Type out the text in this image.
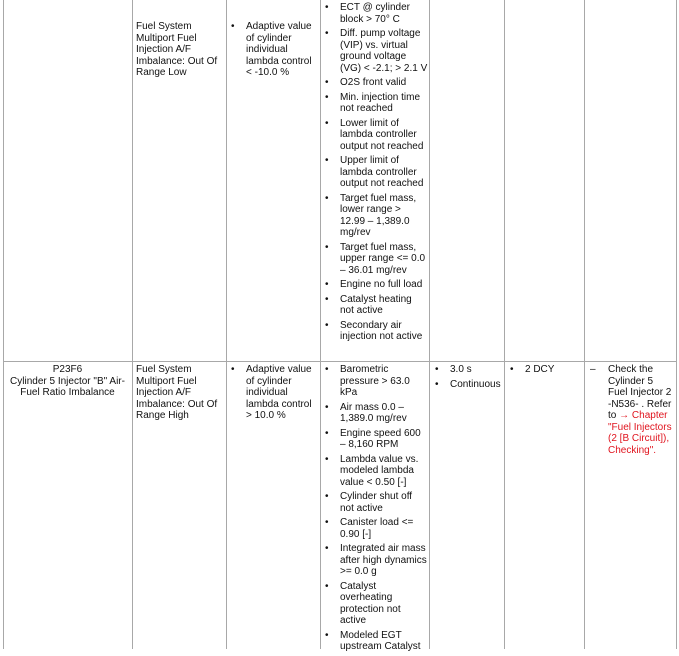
Fuel System Multiport Fuel Injection A/F Imbalance: Out Of Range Low
• Adaptive value of cylinder individual lambda control < -10.0 %
• ECT @ cylinder block > 70° C
• Diff. pump voltage (VIP) vs. virtual ground voltage (VG) < -2.1; > 2.1 V
• O2S front valid
• Min. injection time not reached
• Lower limit of lambda controller output not reached
• Upper limit of lambda controller output not reached
• Target fuel mass, lower range > 12.99 – 1,389.0 mg/rev
• Target fuel mass, upper range <= 0.0 – 36.01 mg/rev
• Engine no full load
• Catalyst heating not active
• Secondary air injection not active
P23F6
Cylinder 5 Injector "B" Air-Fuel Ratio Imbalance
Fuel System Multiport Fuel Injection A/F Imbalance: Out Of Range High
• Adaptive value of cylinder individual lambda control > 10.0 %
• Barometric pressure > 63.0 kPa
• Air mass 0.0 – 1,389.0 mg/rev
• Engine speed 600 – 8,160 RPM
• Lambda value vs. modeled lambda value < 0.50 [-]
• Cylinder shut off not active
• Canister load <= 0.90 [-]
• Integrated air mass after high dynamics >= 0.0 g
• Catalyst overheating protection not active
• Modeled EGT upstream Catalyst
• 3.0 s
• Continuous
• 2 DCY
–	Check the Cylinder 5 Fuel Injector 2 -N536- . Refer to → Chapter "Fuel Injectors (2 [B Circuit]), Checking".
